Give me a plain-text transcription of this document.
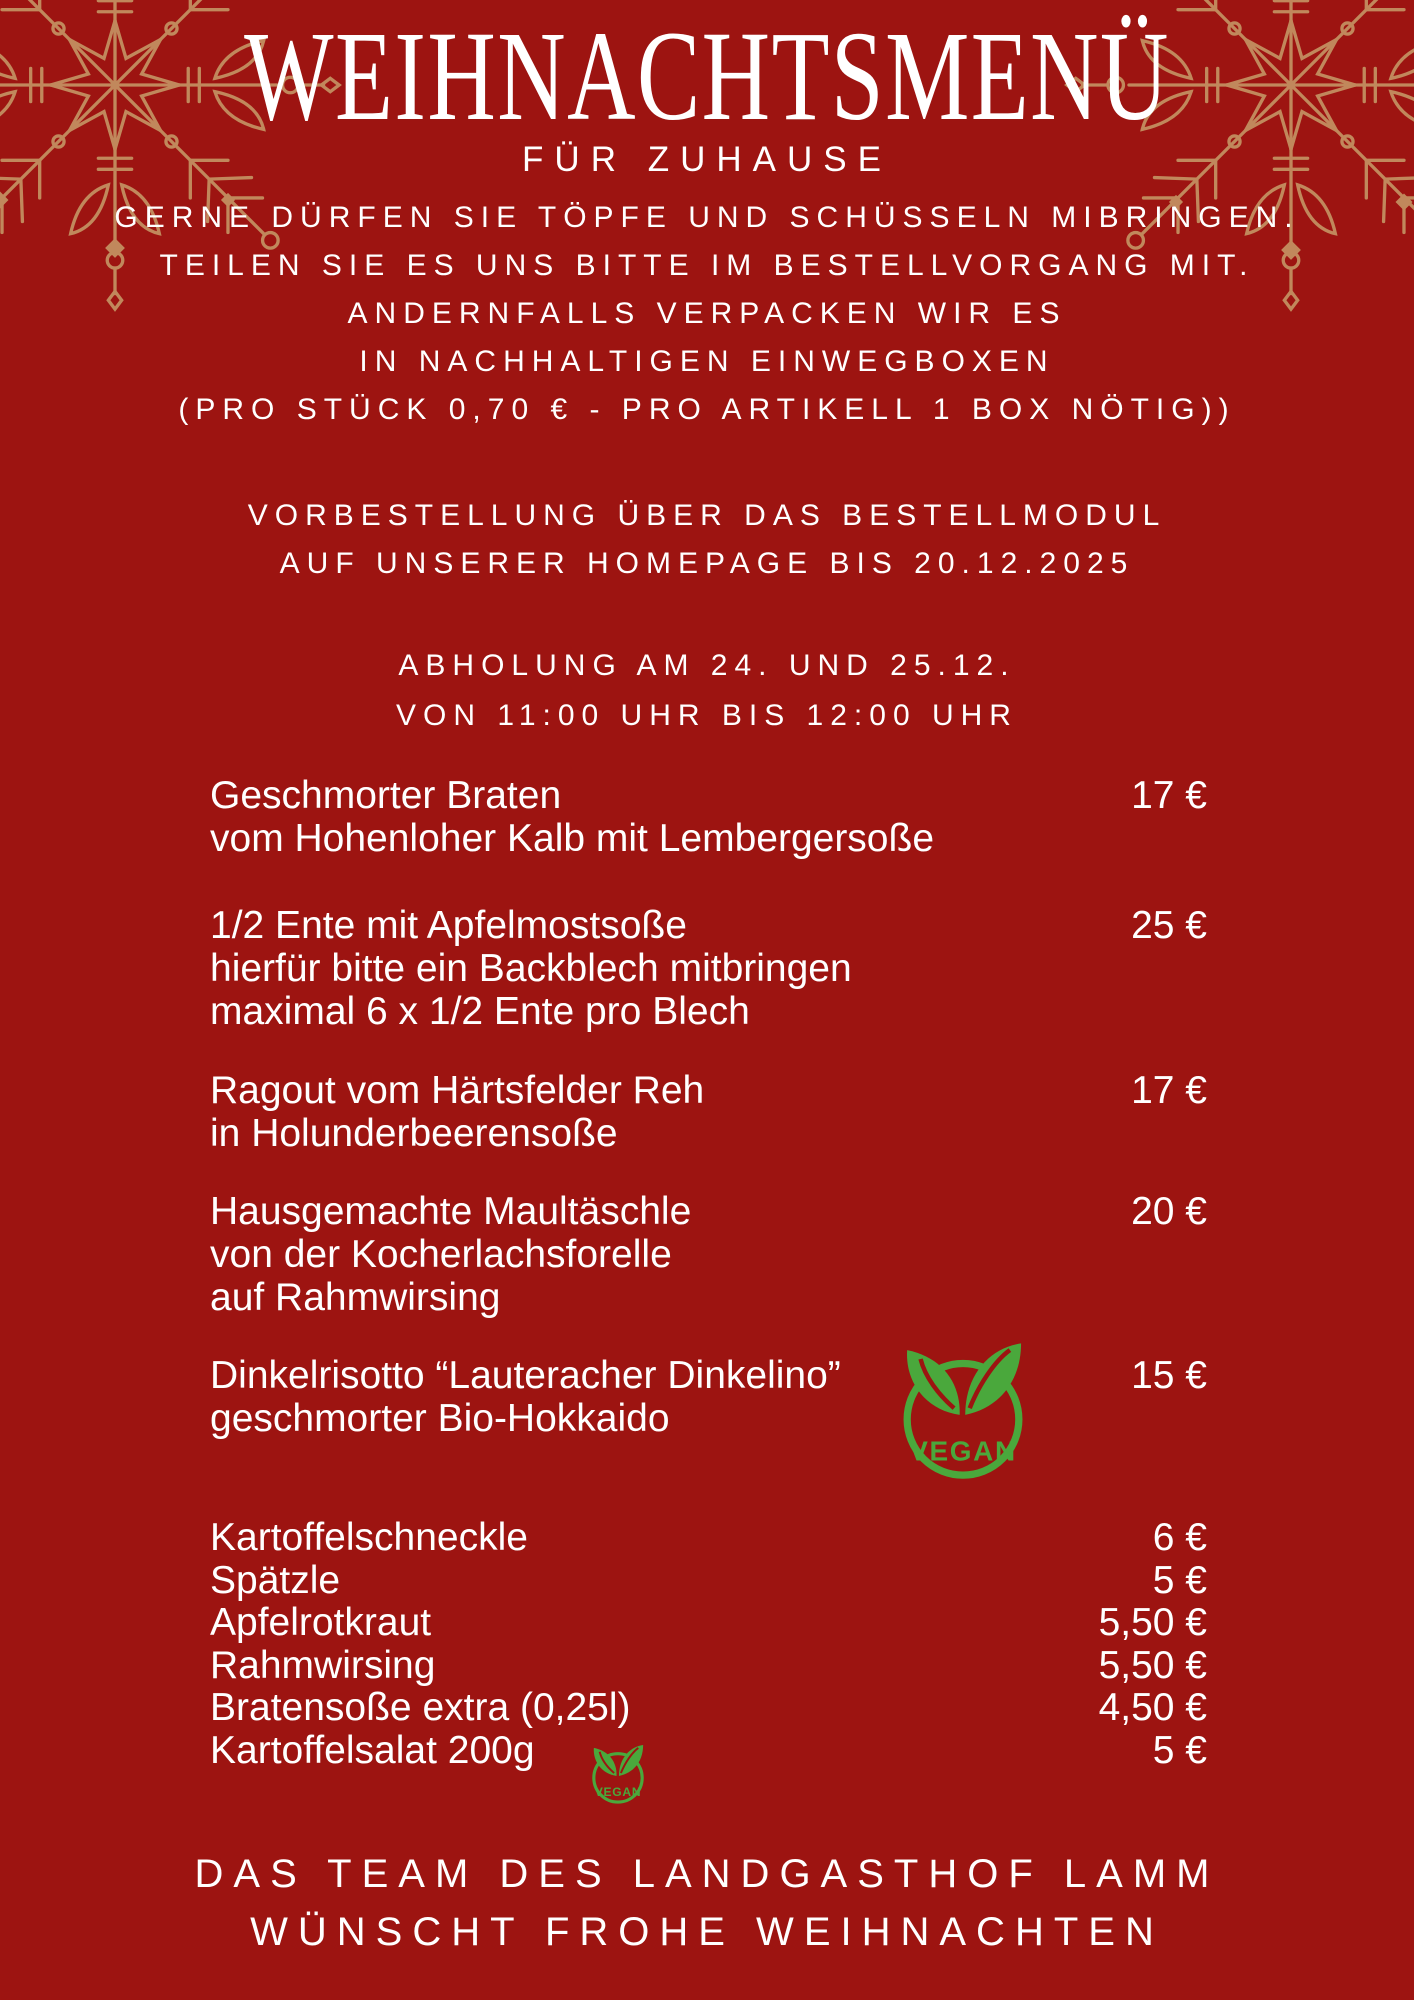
WEIHNACHTSMENÜ
FÜR ZUHAUSE
GERNE DÜRFEN SIE TÖPFE UND SCHÜSSELN MIBRINGEN.
TEILEN SIE ES UNS BITTE IM BESTELLVORGANG MIT.
ANDERNFALLS VERPACKEN WIR ES
IN NACHHALTIGEN EINWEGBOXEN
(PRO STÜCK 0,70 € - PRO ARTIKELL 1 BOX NÖTIG))
VORBESTELLUNG ÜBER DAS BESTELLMODUL
AUF UNSERER HOMEPAGE BIS 20.12.2025
ABHOLUNG AM 24. UND 25.12.
VON 11:00 UHR BIS 12:00 UHR
Geschmorter Braten
vom Hohenloher Kalb mit Lembergersoße
17 €
1/2 Ente mit Apfelmostsoße
hierfür bitte ein Backblech mitbringen
maximal 6 x 1/2 Ente pro Blech
25 €
Ragout vom Härtsfelder Reh
in Holunderbeerensoße
17 €
Hausgemachte Maultäschle
von der Kocherlachsforelle
auf Rahmwirsing
20 €
Dinkelrisotto “Lauteracher Dinkelino”
geschmorter Bio-Hokkaido
15 €
VEGAN
Kartoffelschneckle	6 €
Spätzle	5 €
Apfelrotkraut	5,50 €
Rahmwirsing	5,50 €
Bratensoße extra (0,25l)	4,50 €
Kartoffelsalat 200g	5 €
VEGAN
DAS TEAM DES LANDGASTHOF LAMM
WÜNSCHT FROHE WEIHNACHTEN
